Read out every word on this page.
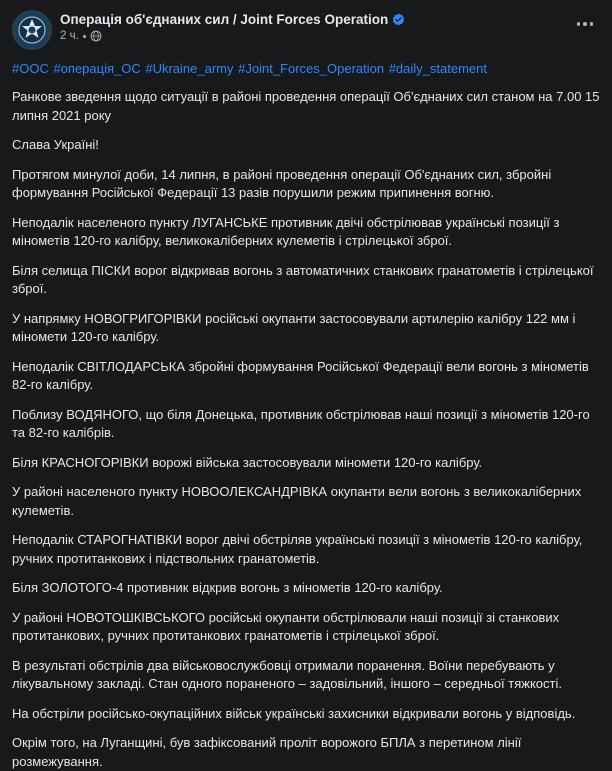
Операція об'єднаних сил / Joint Forces Operation
2 ч.
#ООС #операція_ОС #Ukraine_army #Joint_Forces_Operation #daily_statement

Ранкове зведення щодо ситуації в районі проведення операції Об'єднаних сил станом на 7.00 15 липня 2021 року

Слава Україні!

Протягом минулої доби, 14 липня, в районі проведення операції Об'єднаних сил, збройні формування Російської Федерації 13 разів порушили режим припинення вогню.

Неподалік населеного пункту ЛУГАНСЬКЕ противник двічі обстрілював українські позиції з мінометів 120-го калібру, великокаліберних кулеметів і стрілецької зброї.

Біля селища ПІСКИ ворог відкривав вогонь з автоматичних станкових гранатометів і стрілецької зброї.

У напрямку НОВОГРИГОРІВКИ російські окупанти застосовували артилерію калібру 122 мм і міномети 120-го калібру.

Неподалік СВІТЛОДАРСЬКА збройні формування Російської Федерації вели вогонь з мінометів 82-го калібру.

Поблизу ВОДЯНОГО, що біля Донецька, противник обстрілював наші позиції з мінометів 120-го та 82-го калібрів.

Біля КРАСНОГОРІВКИ ворожі війська застосовували міномети 120-го калібру.

У районі населеного пункту НОВООЛЕКСАНДРІВКА окупанти вели вогонь з великокаліберних кулеметів.

Неподалік СТАРОГНАТІВКИ ворог двічі обстріляв українські позиції з мінометів 120-го калібру, ручних протитанкових і підствольних гранатометів.

Біля ЗОЛОТОГО-4 противник відкрив вогонь з мінометів 120-го калібру.

У районі НОВОТОШКІВСЬКОГО російські окупанти обстрілювали наші позиції зі станкових протитанкових, ручних протитанкових гранатометів і стрілецької зброї.

В результаті обстрілів два військовослужбовці отримали поранення. Воїни перебувають у лікувальному закладі. Стан одного пораненого – задовільний, іншого – середньої тяжкості.

На обстріли російсько-окупаційних військ українські захисники відкривали вогонь у відповідь.

Окрім того, на Луганщині, був зафіксований проліт ворожого БПЛА з перетином лінії розмежування.
